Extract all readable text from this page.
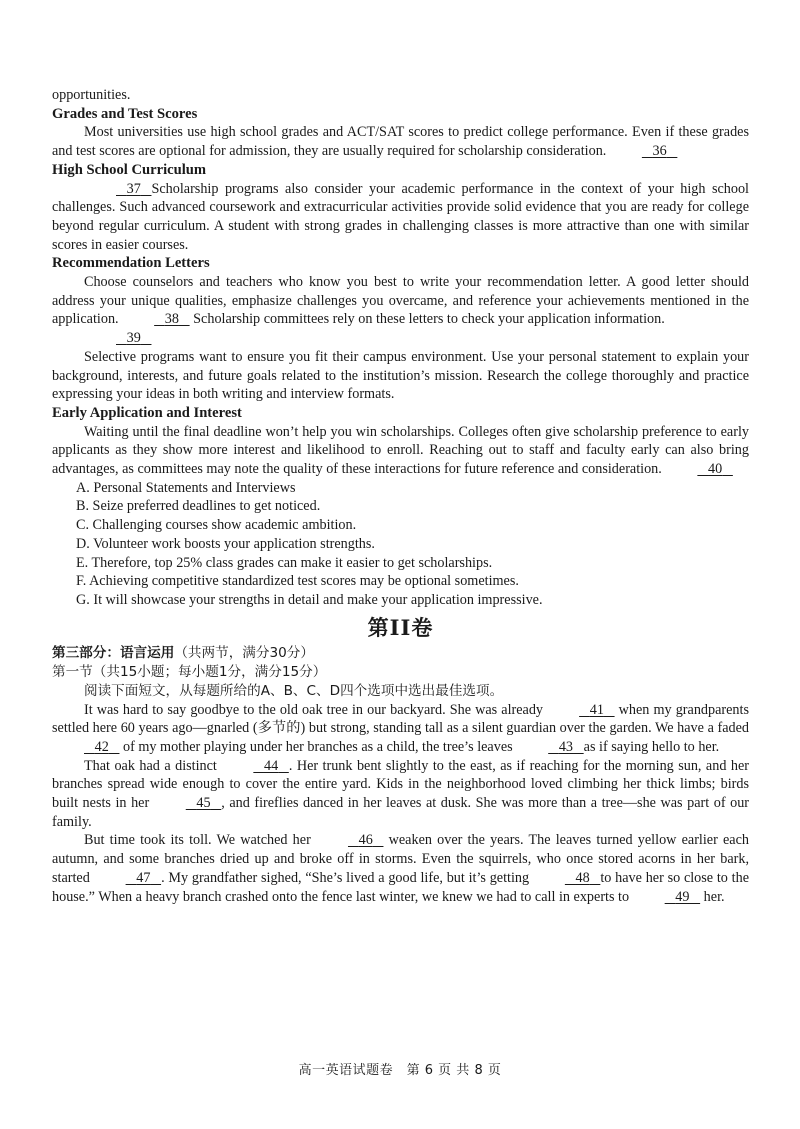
opportunities.
Grades and Test Scores
Most universities use high school grades and ACT/SAT scores to predict college performance. Even if these grades and test scores are optional for admission, they are usually required for scholarship consideration.	36
High School Curriculum
37 Scholarship programs also consider your academic performance in the context of your high school challenges. Such advanced coursework and extracurricular activities provide solid evidence that you are ready for college beyond regular curriculum. A student with strong grades in challenging classes is more attractive than one with similar scores in easier courses.
Recommendation Letters
Choose counselors and teachers who know you best to write your recommendation letter. A good letter should address your unique qualities, emphasize challenges you overcame, and reference your achievements mentioned in the application.	38 Scholarship committees rely on these letters to check your application information.
39
Selective programs want to ensure you fit their campus environment. Use your personal statement to explain your background, interests, and future goals related to the institution’s mission. Research the college thoroughly and practice expressing your ideas in both writing and interview formats.
Early Application and Interest
Waiting until the final deadline won’t help you win scholarships. Colleges often give scholarship preference to early applicants as they show more interest and likelihood to enroll. Reaching out to staff and faculty early can also bring advantages, as committees may note the quality of these interactions for future reference and consideration.	40
A. Personal Statements and Interviews
B. Seize preferred deadlines to get noticed.
C. Challenging courses show academic ambition.
D. Volunteer work boosts your application strengths.
E. Therefore, top 25% class grades can make it easier to get scholarships.
F. Achieving competitive standardized test scores may be optional sometimes.
G. It will showcase your strengths in detail and make your application impressive.
第II卷
第三部分：语言运用（共两节，满分30分）
第一节（共15小题；每小题1分，满分15分）
阅读下面短文，从每题所给的A、B、C、D四个选项中选出最佳选项。
It was hard to say goodbye to the old oak tree in our backyard. She was already	41 when my grandparents settled here 60 years ago—gnarled (多节的) but strong, standing tall as a silent guardian over the garden. We have a faded 42 of my mother playing under her branches as a child, the tree’s leaves	43 as if saying hello to her.
That oak had a distinct	44 . Her trunk bent slightly to the east, as if reaching for the morning sun, and her branches spread wide enough to cover the entire yard. Kids in the neighborhood loved climbing her thick limbs; birds built nests in her	45 , and fireflies danced in her leaves at dusk. She was more than a tree—she was part of our family.
But time took its toll. We watched her	46 weaken over the years. The leaves turned yellow earlier each autumn, and some branches dried up and broke off in storms. Even the squirrels, who once stored acorns in her bark, started	47 . My grandfather sighed, “She’s lived a good life, but it’s getting	48 to have her so close to the house.” When a heavy branch crashed onto the fence last winter, we knew we had to call in experts to	49 her.
高一英语试题卷　第 6 页 共 8 页
